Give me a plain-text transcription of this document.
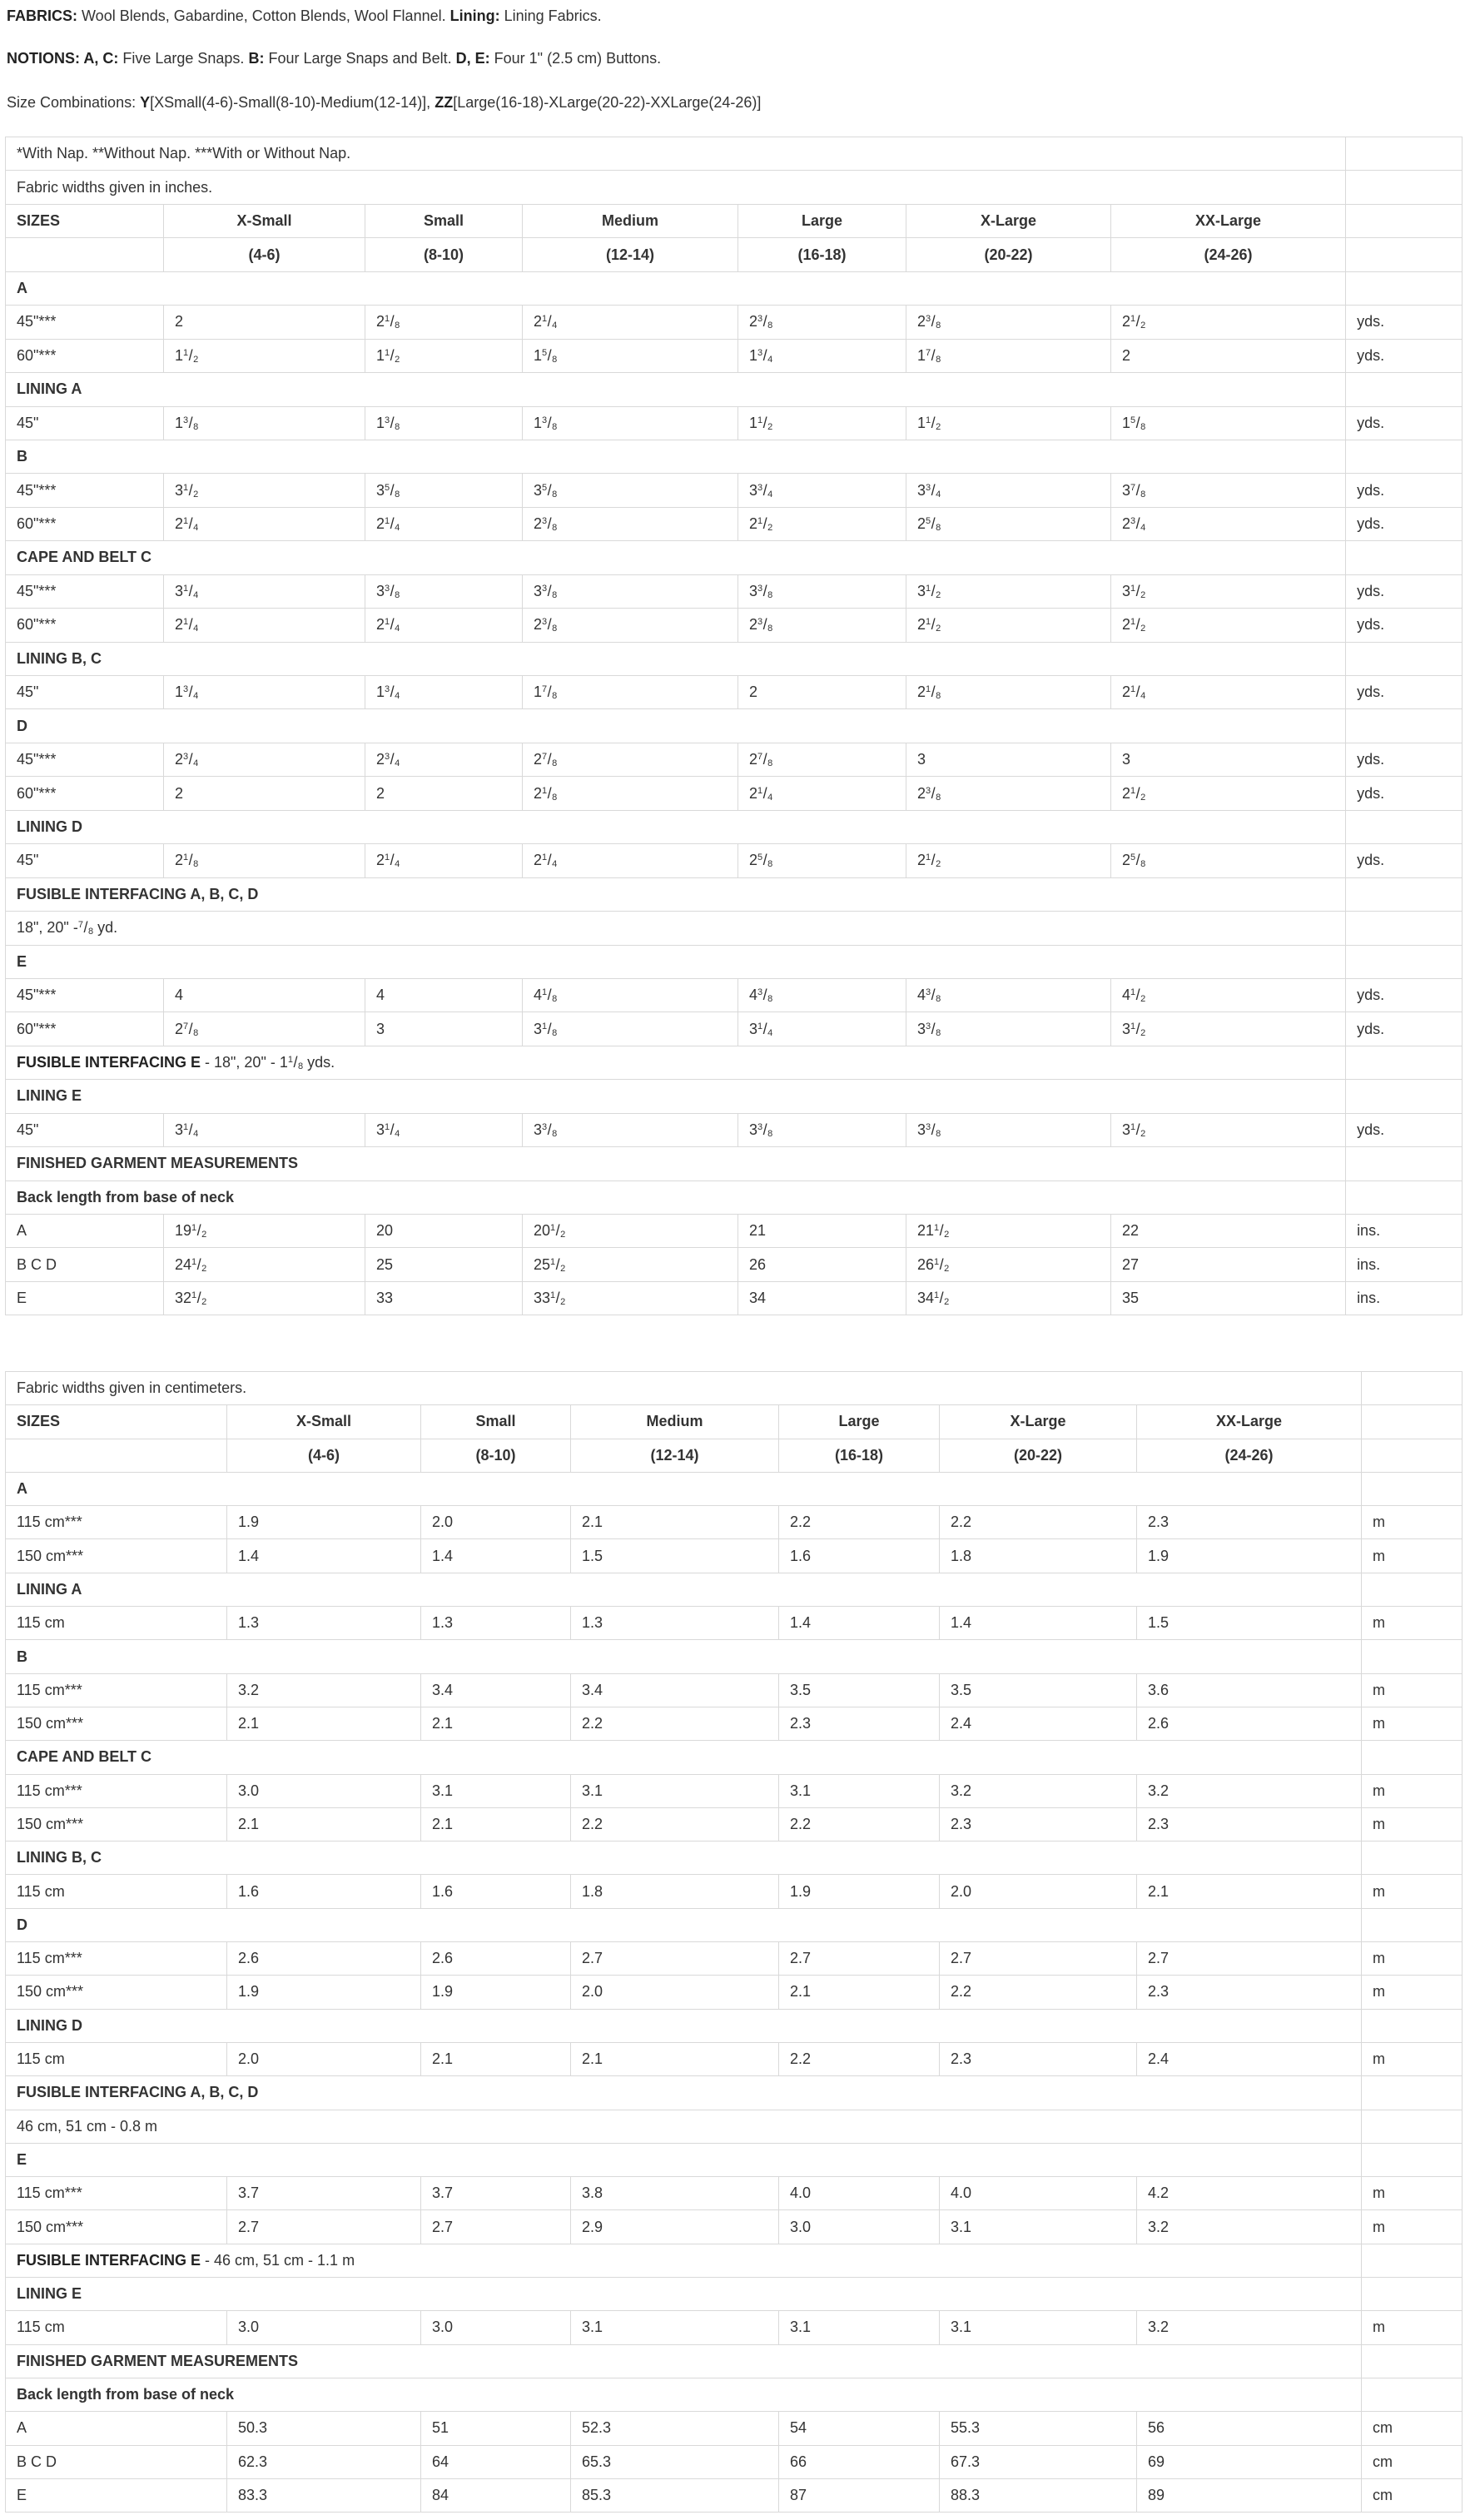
FABRICS: Wool Blends, Gabardine, Cotton Blends, Wool Flannel. Lining: Lining Fabrics.

NOTIONS: A, C: Five Large Snaps. B: Four Large Snaps and Belt. D, E: Four 1" (2.5 cm) Buttons.

Size Combinations: Y[XSmall(4-6)-Small(8-10)-Medium(12-14)], ZZ[Large(16-18)-XLarge(20-22)-XXLarge(24-26)]

*With Nap. **Without Nap. ***With or Without Nap.							
Fabric widths given in inches.							
SIZES	X-Small	Small	Medium	Large	X-Large	XX-Large	
	(4-6)	(8-10)	(12-14)	(16-18)	(20-22)	(24-26)	
A							
45"***	2	$2^1/_8$	$2^1/_4$	$2^3/_8$	$2^3/_8$	$2^1/_2$	yds.
60"***	$1^1/_2$	$1^1/_2$	$1^5/_8$	$1^3/_4$	$1^7/_8$	2	yds.
LINING A							
45"	$1^3/_8$	$1^3/_8$	$1^3/_8$	$1^1/_2$	$1^1/_2$	$1^5/_8$	yds.
B							
45"***	$3^1/_2$	$3^5/_8$	$3^5/_8$	$3^3/_4$	$3^3/_4$	$3^7/_8$	yds.
60"***	$2^1/_4$	$2^1/_4$	$2^3/_8$	$2^1/_2$	$2^5/_8$	$2^3/_4$	yds.
CAPE AND BELT C							
45"***	$3^1/_4$	$3^3/_8$	$3^3/_8$	$3^3/_8$	$3^1/_2$	$3^1/_2$	yds.
60"***	$2^1/_4$	$2^1/_4$	$2^3/_8$	$2^3/_8$	$2^1/_2$	$2^1/_2$	yds.
LINING B, C							
45"	$1^3/_4$	$1^3/_4$	$1^7/_8$	2	$2^1/_8$	$2^1/_4$	yds.
D							
45"***	$2^3/_4$	$2^3/_4$	$2^7/_8$	$2^7/_8$	3	3	yds.
60"***	2	2	$2^1/_8$	$2^1/_4$	$2^3/_8$	$2^1/_2$	yds.
LINING D							
45"	$2^1/_8$	$2^1/_4$	$2^1/_4$	$2^5/_8$	$2^1/_2$	$2^5/_8$	yds.
FUSIBLE INTERFACING A, B, C, D							
18", 20" $-^7/_8$ yd.							
E							
45"***	4	4	$4^1/_8$	$4^3/_8$	$4^3/_8$	$4^1/_2$	yds.
60"***	$2^7/_8$	3	$3^1/_8$	$3^1/_4$	$3^3/_8$	$3^1/_2$	yds.
FUSIBLE INTERFACING E - 18", 20" - $1^1/_8$ yds.							
LINING E							
45"	$3^1/_4$	$3^1/_4$	$3^3/_8$	$3^3/_8$	$3^3/_8$	$3^1/_2$	yds.
FINISHED GARMENT MEASUREMENTS							
Back length from base of neck							
A	$19^1/_2$	20	$20^1/_2$	21	$21^1/_2$	22	ins.
B C D	$24^1/_2$	25	$25^1/_2$	26	$26^1/_2$	27	ins.
E	$32^1/_2$	33	$33^1/_2$	34	$34^1/_2$	35	ins.
Fabric widths given in centimeters.							
SIZES	X-Small	Small	Medium	Large	X-Large	XX-Large	
	(4-6)	(8-10)	(12-14)	(16-18)	(20-22)	(24-26)	
A							
115 cm***	1.9	2.0	2.1	2.2	2.2	2.3	m
150 cm***	1.4	1.4	1.5	1.6	1.8	1.9	m
LINING A							
115 cm	1.3	1.3	1.3	1.4	1.4	1.5	m
B							
115 cm***	3.2	3.4	3.4	3.5	3.5	3.6	m
150 cm***	2.1	2.1	2.2	2.3	2.4	2.6	m
CAPE AND BELT C							
115 cm***	3.0	3.1	3.1	3.1	3.2	3.2	m
150 cm***	2.1	2.1	2.2	2.2	2.3	2.3	m
LINING B, C							
115 cm	1.6	1.6	1.8	1.9	2.0	2.1	m
D							
115 cm***	2.6	2.6	2.7	2.7	2.7	2.7	m
150 cm***	1.9	1.9	2.0	2.1	2.2	2.3	m
LINING D							
115 cm	2.0	2.1	2.1	2.2	2.3	2.4	m
FUSIBLE INTERFACING A, B, C, D							
46 cm, 51 cm - 0.8 m							
E							
115 cm***	3.7	3.7	3.8	4.0	4.0	4.2	m
150 cm***	2.7	2.7	2.9	3.0	3.1	3.2	m
FUSIBLE INTERFACING E - 46 cm, 51 cm - 1.1 m							
LINING E							
115 cm	3.0	3.0	3.1	3.1	3.1	3.2	m
FINISHED GARMENT MEASUREMENTS							
Back length from base of neck							
A	50.3	51	52.3	54	55.3	56	cm
B C D	62.3	64	65.3	66	67.3	69	cm
E	83.3	84	85.3	87	88.3	89	cm
